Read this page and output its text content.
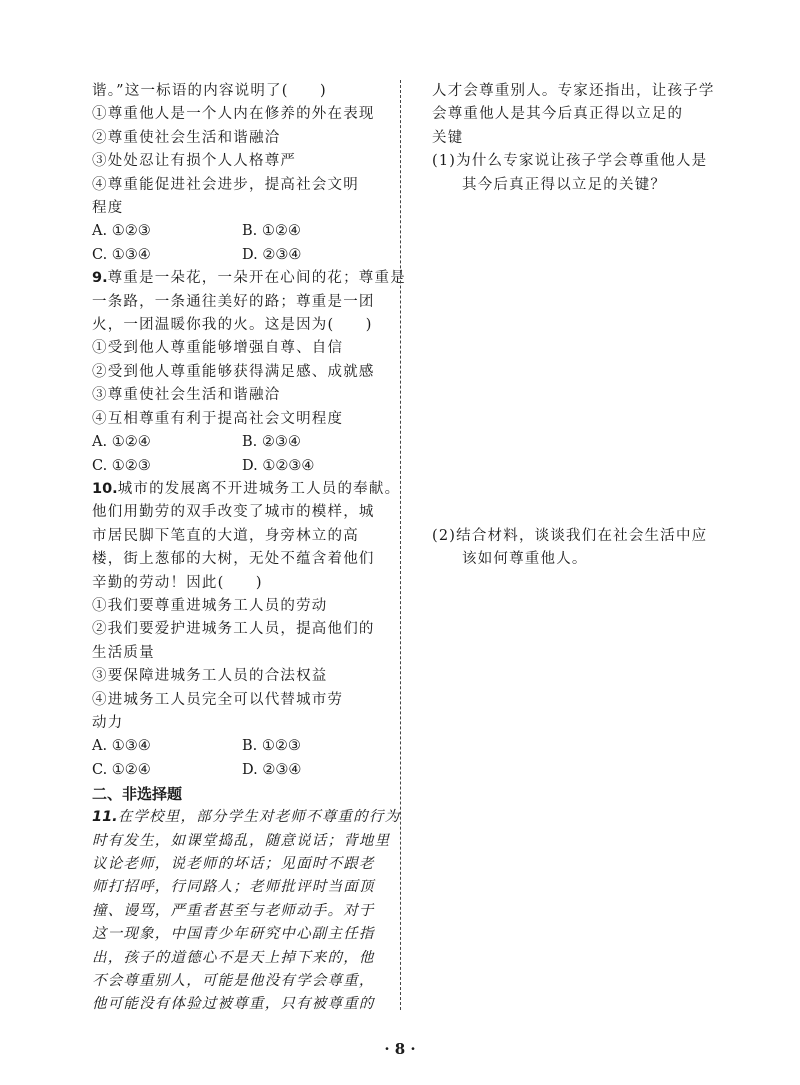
谐。”这一标语的内容说明了(　　)
①尊重他人是一个人内在修养的外在表现
②尊重使社会生活和谐融洽
③处处忍让有损个人人格尊严
④尊重能促进社会进步，提高社会文明
程度
A. ①②③	B. ①②④
C. ①③④	D. ②③④
9.尊重是一朵花，一朵开在心间的花；尊重是
一条路，一条通往美好的路；尊重是一团
火，一团温暖你我的火。这是因为(　　)
①受到他人尊重能够增强自尊、自信
②受到他人尊重能够获得满足感、成就感
③尊重使社会生活和谐融洽
④互相尊重有利于提高社会文明程度
A. ①②④	B. ②③④
C. ①②③	D. ①②③④
10.城市的发展离不开进城务工人员的奉献。
他们用勤劳的双手改变了城市的模样，城
市居民脚下笔直的大道，身旁林立的高
楼，街上葱郁的大树，无处不蕴含着他们
辛勤的劳动！因此(　　)
①我们要尊重进城务工人员的劳动
②我们要爱护进城务工人员，提高他们的
生活质量
③要保障进城务工人员的合法权益
④进城务工人员完全可以代替城市劳
动力
A. ①③④	B. ①②③
C. ①②④	D. ②③④
二、非选择题
11.在学校里，部分学生对老师不尊重的行为
时有发生，如课堂捣乱，随意说话；背地里
议论老师，说老师的坏话；见面时不跟老
师打招呼，行同路人；老师批评时当面顶
撞、谩骂，严重者甚至与老师动手。对于
这一现象，中国青少年研究中心副主任指
出，孩子的道德心不是天上掉下来的，他
不会尊重别人，可能是他没有学会尊重，
他可能没有体验过被尊重，只有被尊重的
人才会尊重别人。专家还指出，让孩子学
会尊重他人是其今后真正得以立足的
关键
(1)为什么专家说让孩子学会尊重他人是
其今后真正得以立足的关键？
(2)结合材料，谈谈我们在社会生活中应
该如何尊重他人。
· 8 ·
